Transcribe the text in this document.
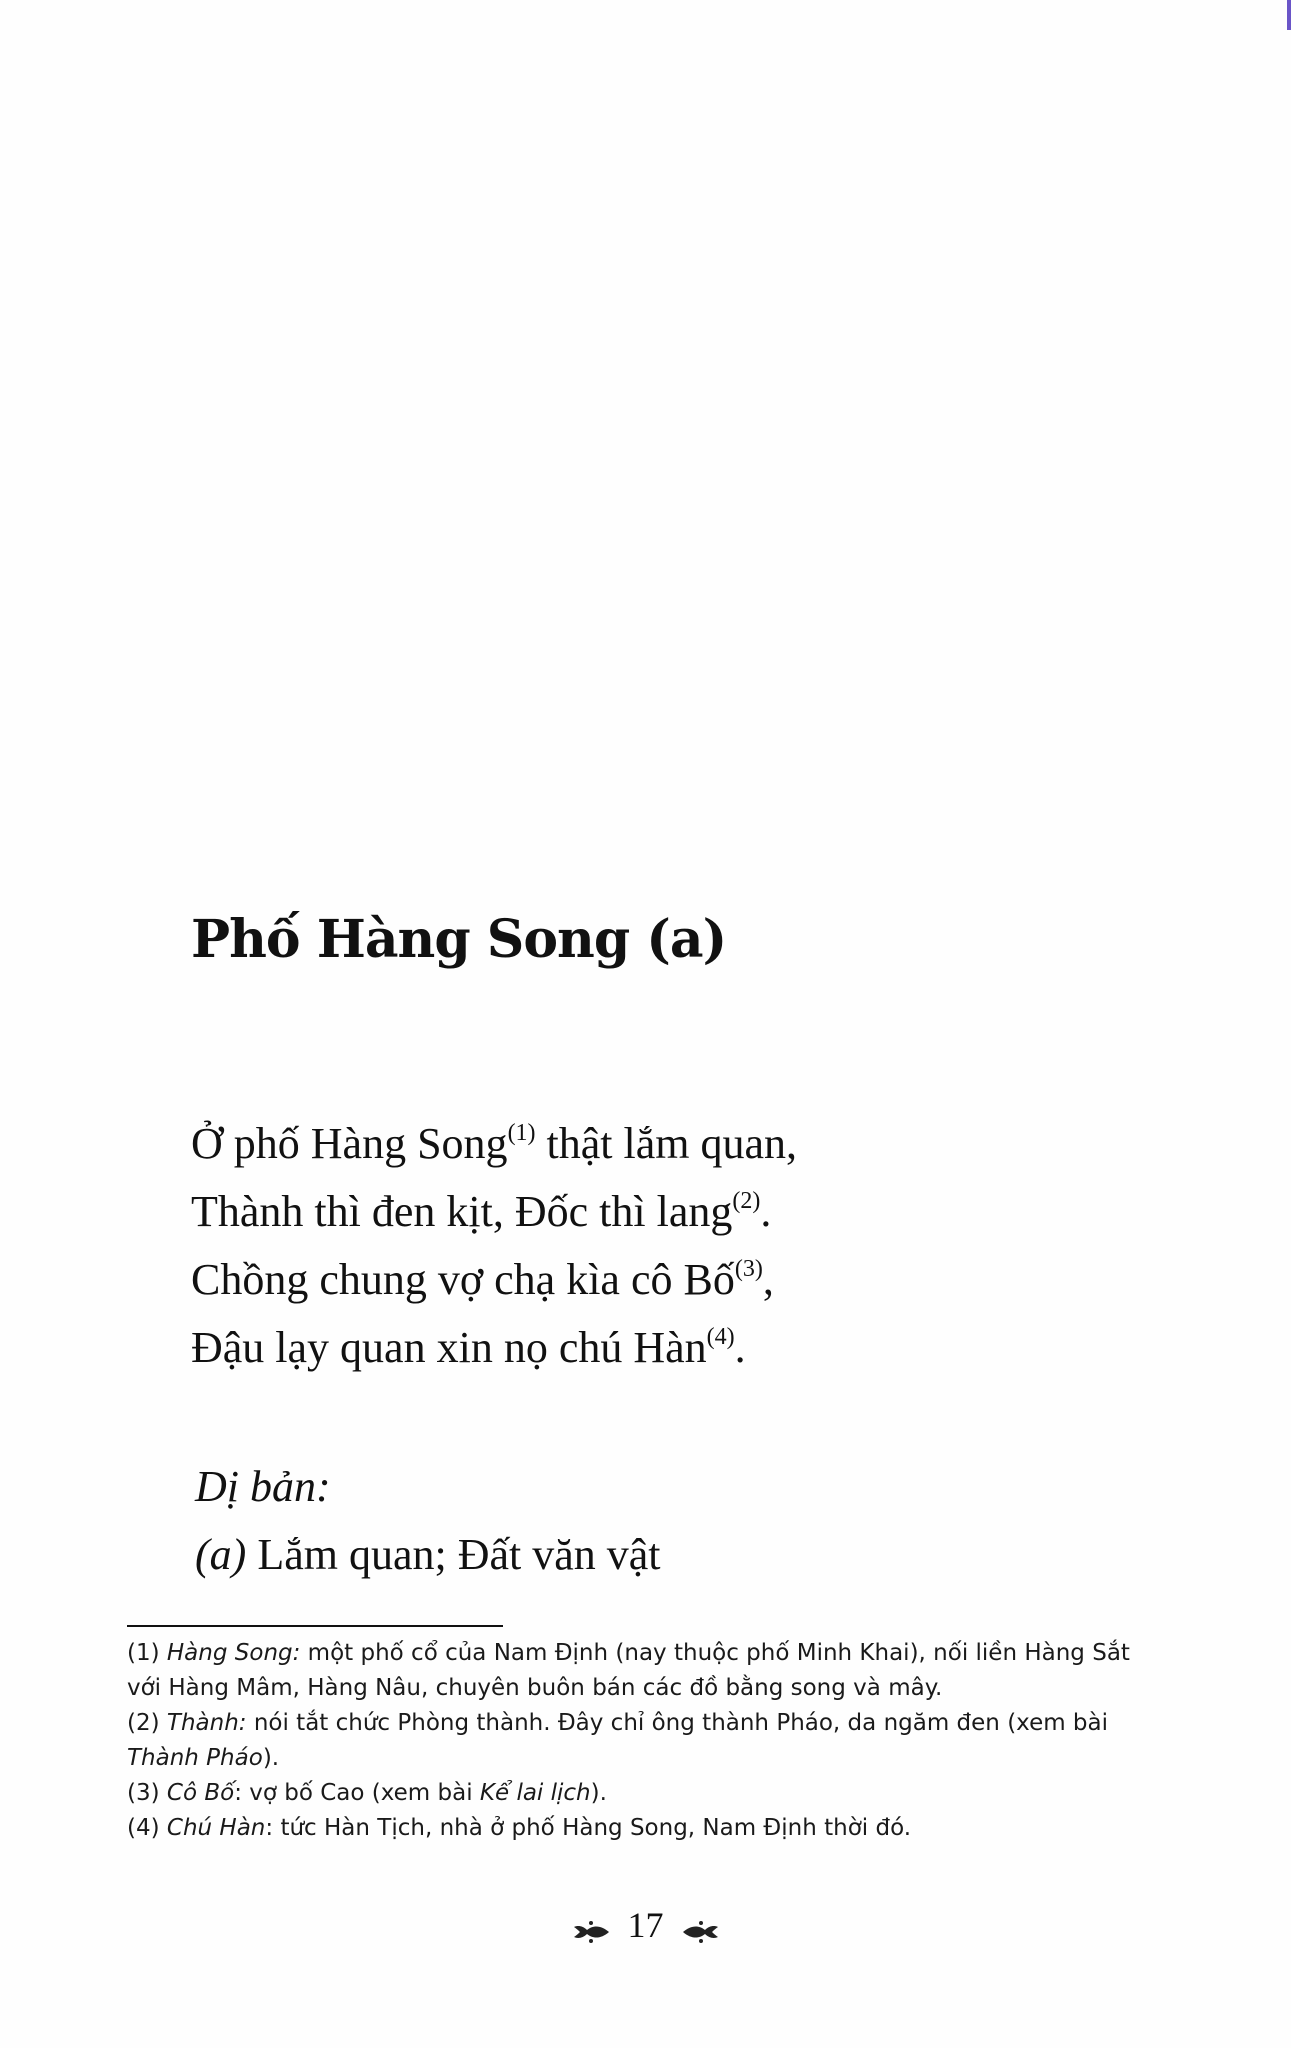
Phố Hàng Song (a)
Ở phố Hàng Song$^{(1)}$ thật lắm quan,
Thành thì đen kịt, Đốc thì lang$^{(2)}$.
Chồng chung vợ chạ kìa cô Bố$^{(3)}$,
Đậu lạy quan xin nọ chú Hàn$^{(4)}$.
Dị bản:
(a) Lắm quan; Đất văn vật

(1) Hàng Song: một phố cổ của Nam Định (nay thuộc phố Minh Khai), nối liền Hàng Sắt với Hàng Mâm, Hàng Nâu, chuyên buôn bán các đồ bằng song và mây.

(2) Thành: nói tắt chức Phòng thành. Đây chỉ ông thành Pháo, da ngăm đen (xem bài Thành Pháo).

(3) Cô Bố: vợ bố Cao (xem bài Kể lai lịch).

(4) Chú Hàn: tức Hàn Tịch, nhà ở phố Hàng Song, Nam Định thời đó.

17
